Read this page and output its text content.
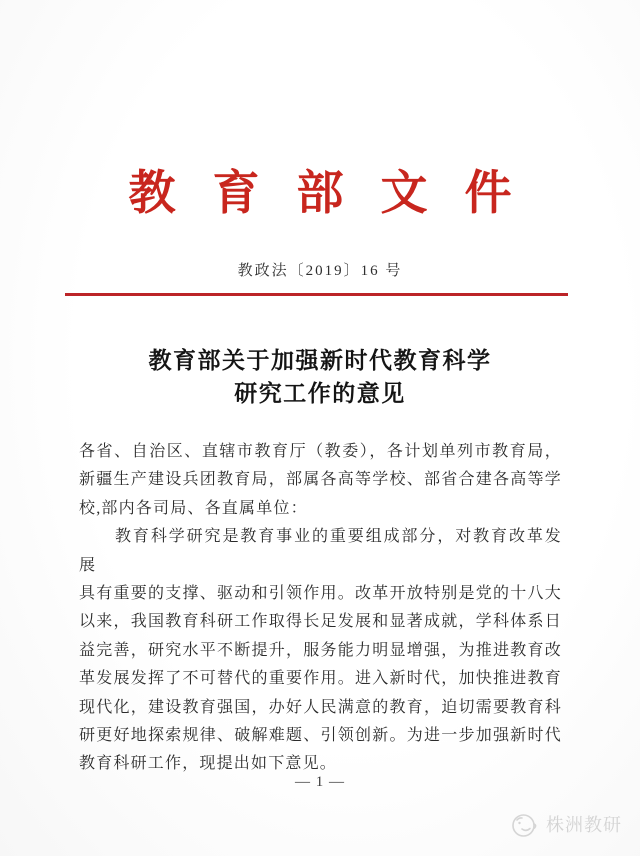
教育部文件
教政法〔2019〕16 号
教育部关于加强新时代教育科学
研究工作的意见
各省、自治区、直辖市教育厅（教委），各计划单列市教育局，
新疆生产建设兵团教育局，部属各高等学校、部省合建各高等学
校,部内各司局、各直属单位：
教育科学研究是教育事业的重要组成部分，对教育改革发展
具有重要的支撑、驱动和引领作用。改革开放特别是党的十八大
以来，我国教育科研工作取得长足发展和显著成就，学科体系日
益完善，研究水平不断提升，服务能力明显增强，为推进教育改
革发展发挥了不可替代的重要作用。进入新时代，加快推进教育
现代化，建设教育强国，办好人民满意的教育，迫切需要教育科
研更好地探索规律、破解难题、引领创新。为进一步加强新时代
教育科研工作，现提出如下意见。
— 1 —
株洲教研
